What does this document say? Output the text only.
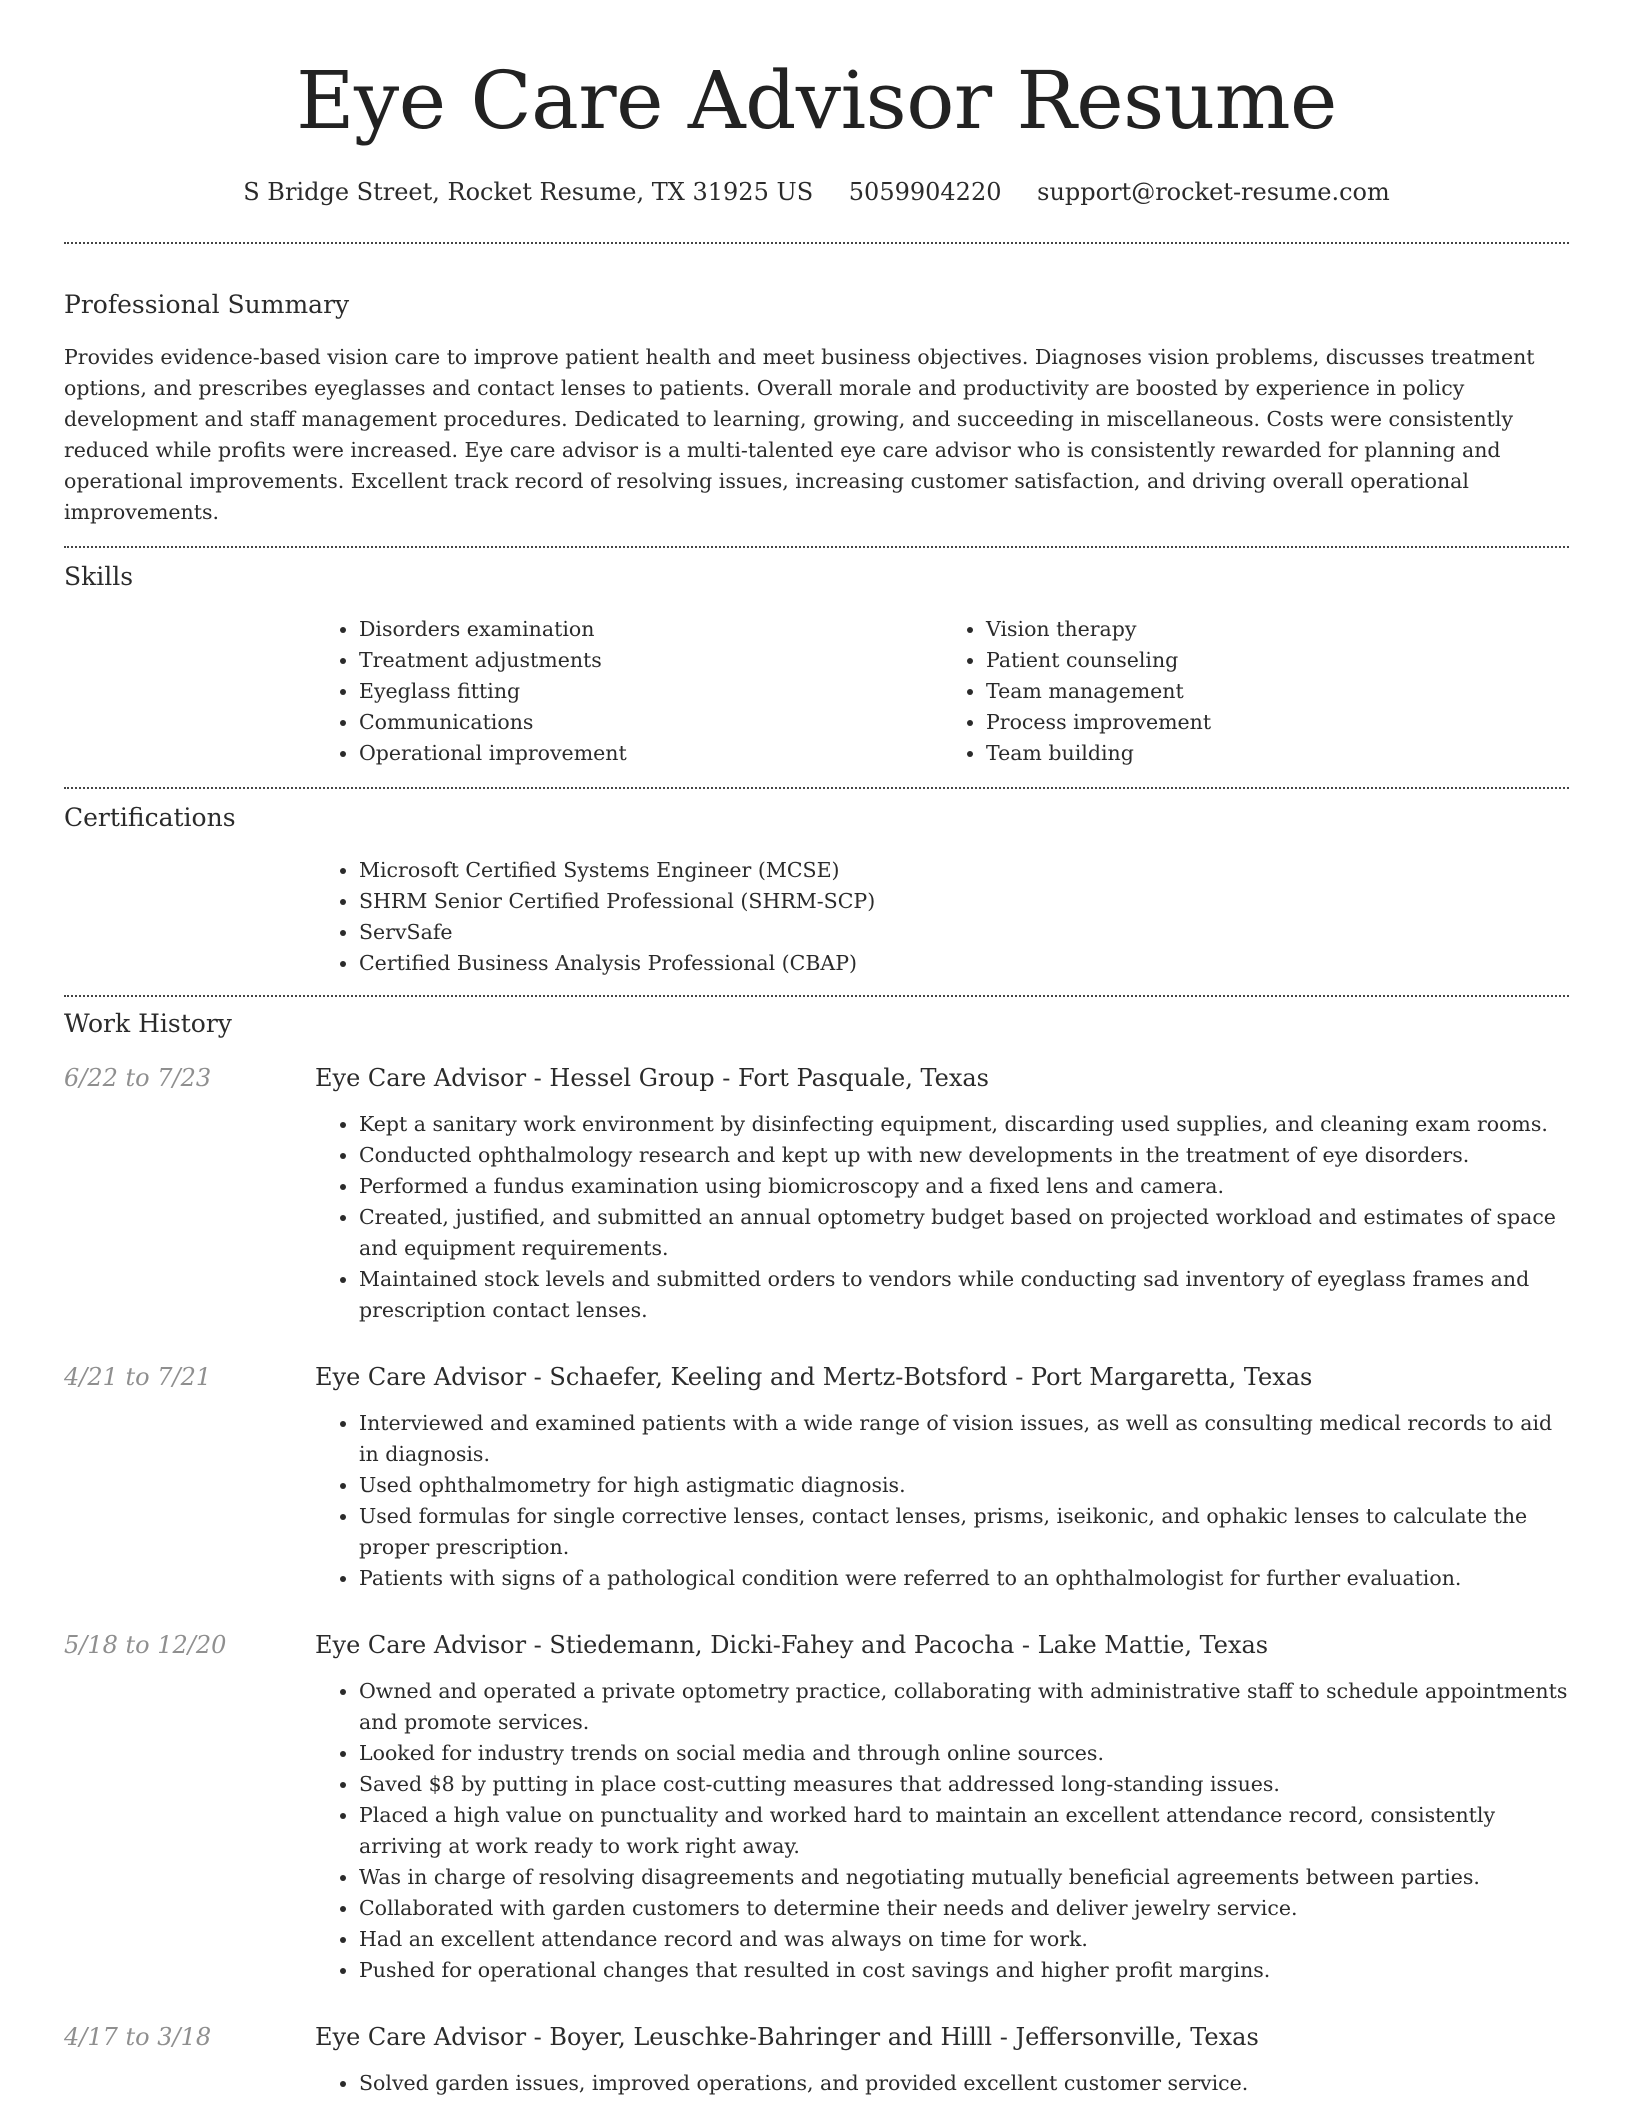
Eye Care Advisor Resume
S Bridge Street, Rocket Resume, TX 31925 US 5059904220 support@rocket-resume.com
Professional Summary

Provides evidence-based vision care to improve patient health and meet business objectives. Diagnoses vision problems, discusses treatment options, and prescribes eyeglasses and contact lenses to patients. Overall morale and productivity are boosted by experience in policy development and staff management procedures. Dedicated to learning, growing, and succeeding in miscellaneous. Costs were consistently reduced while profits were increased. Eye care advisor is a multi-talented eye care advisor who is consistently rewarded for planning and operational improvements. Excellent track record of resolving issues, increasing customer satisfaction, and driving overall operational improvements.

Skills
• Disorders examination
• Treatment adjustments
• Eyeglass fitting
• Communications
• Operational improvement
• Vision therapy
• Patient counseling
• Team management
• Process improvement
• Team building
Certifications
• Microsoft Certified Systems Engineer (MCSE)
• SHRM Senior Certified Professional (SHRM-SCP)
• ServSafe
• Certified Business Analysis Professional (CBAP)
Work History
6/22 to 7/23	Eye Care Advisor - Hessel Group - Fort Pasquale, Texas
• Kept a sanitary work environment by disinfecting equipment, discarding used supplies, and cleaning exam rooms.
• Conducted ophthalmology research and kept up with new developments in the treatment of eye disorders.
• Performed a fundus examination using biomicroscopy and a fixed lens and camera.
• Created, justified, and submitted an annual optometry budget based on projected workload and estimates of space and equipment requirements.
• Maintained stock levels and submitted orders to vendors while conducting sad inventory of eyeglass frames and prescription contact lenses.
4/21 to 7/21	Eye Care Advisor - Schaefer, Keeling and Mertz-Botsford - Port Margaretta, Texas
• Interviewed and examined patients with a wide range of vision issues, as well as consulting medical records to aid in diagnosis.
• Used ophthalmometry for high astigmatic diagnosis.
• Used formulas for single corrective lenses, contact lenses, prisms, iseikonic, and ophakic lenses to calculate the proper prescription.
• Patients with signs of a pathological condition were referred to an ophthalmologist for further evaluation.
5/18 to 12/20	Eye Care Advisor - Stiedemann, Dicki-Fahey and Pacocha - Lake Mattie, Texas
• Owned and operated a private optometry practice, collaborating with administrative staff to schedule appointments and promote services.
• Looked for industry trends on social media and through online sources.
• Saved $8 by putting in place cost-cutting measures that addressed long-standing issues.
• Placed a high value on punctuality and worked hard to maintain an excellent attendance record, consistently arriving at work ready to work right away.
• Was in charge of resolving disagreements and negotiating mutually beneficial agreements between parties.
• Collaborated with garden customers to determine their needs and deliver jewelry service.
• Had an excellent attendance record and was always on time for work.
• Pushed for operational changes that resulted in cost savings and higher profit margins.
4/17 to 3/18	Eye Care Advisor - Boyer, Leuschke-Bahringer and Hilll - Jeffersonville, Texas
• Solved garden issues, improved operations, and provided excellent customer service.
